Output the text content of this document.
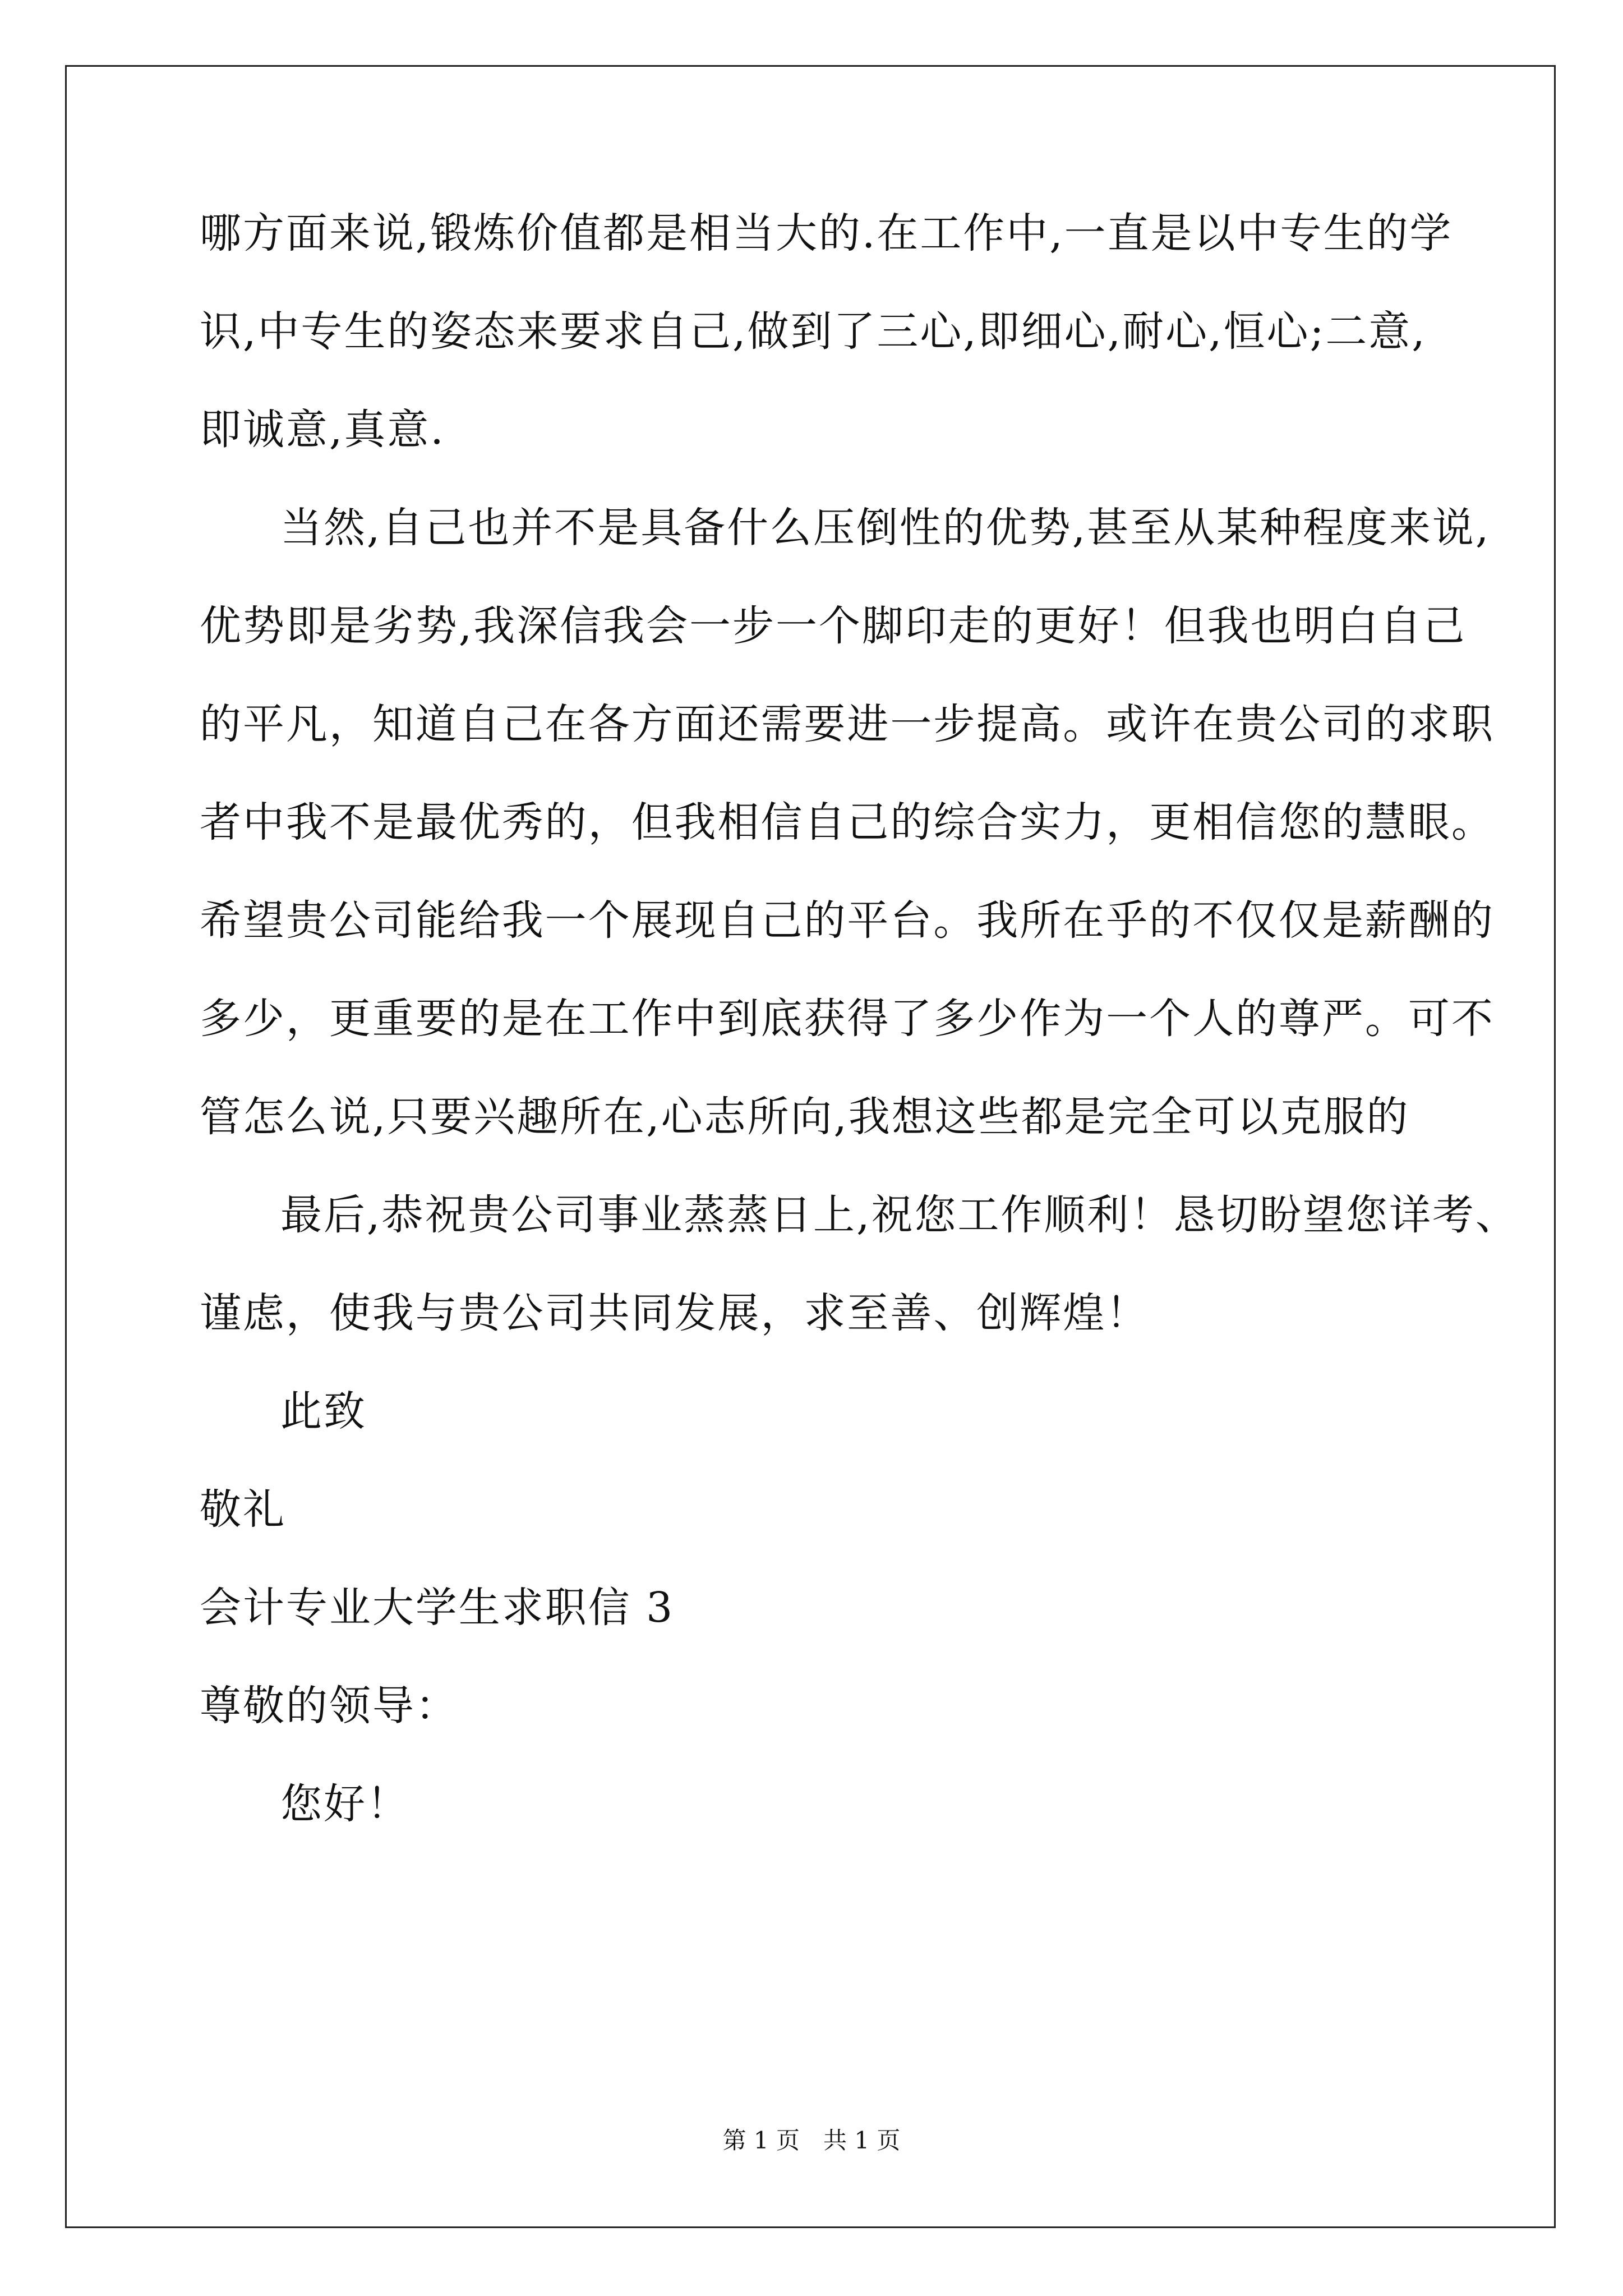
哪方面来说,锻炼价值都是相当大的.在工作中,一直是以中专生的学

识,中专生的姿态来要求自己,做到了三心,即细心,耐心,恒心;二意,

即诚意,真意.

当然,自己也并不是具备什么压倒性的优势,甚至从某种程度来说,

优势即是劣势,我深信我会一步一个脚印走的更好！但我也明白自己

的平凡，知道自己在各方面还需要进一步提高。或许在贵公司的求职

者中我不是最优秀的，但我相信自己的综合实力，更相信您的慧眼。

希望贵公司能给我一个展现自己的平台。我所在乎的不仅仅是薪酬的

多少，更重要的是在工作中到底获得了多少作为一个人的尊严。可不

管怎么说,只要兴趣所在,心志所向,我想这些都是完全可以克服的

最后,恭祝贵公司事业蒸蒸日上,祝您工作顺利！恳切盼望您详考、

谨虑，使我与贵公司共同发展，求至善、创辉煌！

此致

敬礼

会计专业大学生求职信 3

尊敬的领导：

您好！

第 1 页　共 1 页
